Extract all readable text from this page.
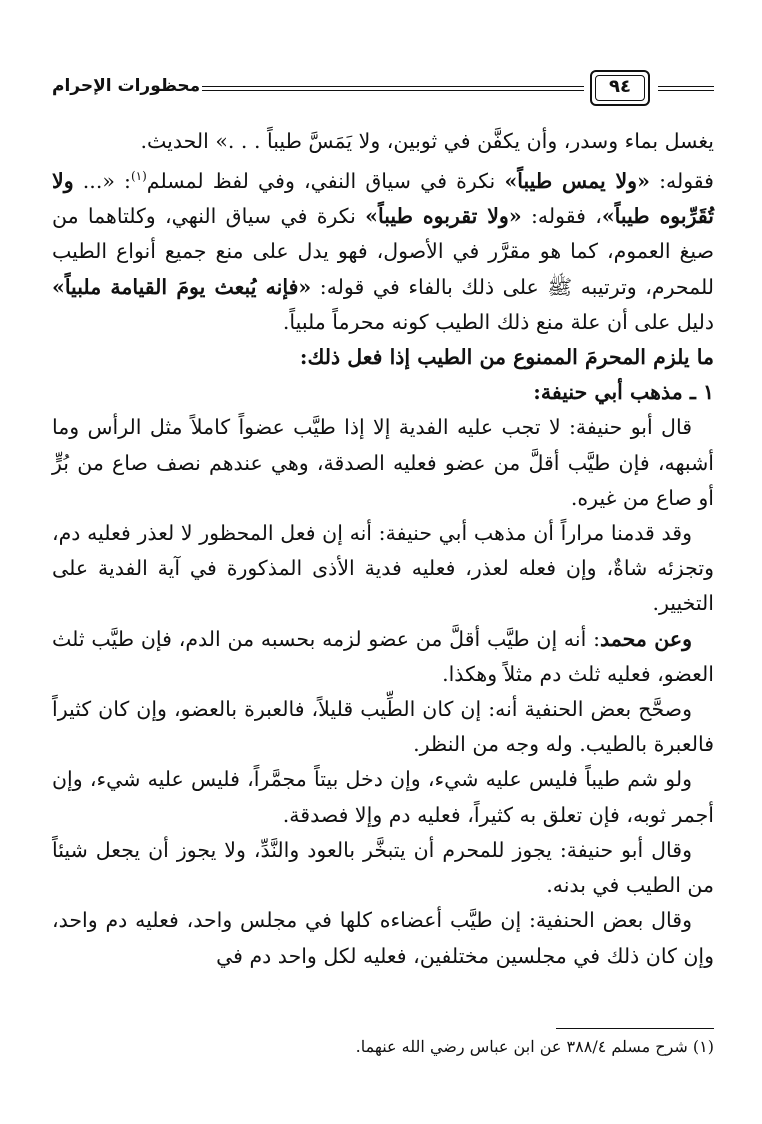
محظورات الإحرام	٩٤

يغسل بماء وسدر، وأن يكفَّن في ثوبين، ولا يَمَسَّ طيباً . . .» الحديث.

فقوله: «ولا يمس طيباً» نكرة في سياق النفي، وفي لفظ لمسلم$^{(١)}$: «... ولا تُقَرِّبوه طيباً»، فقوله: «ولا تقربوه طيباً» نكرة في سياق النهي، وكلتاهما من صيغ العموم، كما هو مقرَّر في الأصول، فهو يدل على منع جميع أنواع الطيب للمحرم، وترتيبه ﷺ على ذلك بالفاء في قوله: «فإنه يُبعث يومَ القيامة ملبياً» دليل على أن علة منع ذلك الطيب كونه محرماً ملبياً.

ما يلزم المحرمَ الممنوع من الطيب إذا فعل ذلك:

١ ـ مذهب أبي حنيفة:

قال أبو حنيفة: لا تجب عليه الفدية إلا إذا طيَّب عضواً كاملاً مثل الرأس وما أشبهه، فإن طيَّب أقلَّ من عضو فعليه الصدقة، وهي عندهم نصف صاع من بُرٍّ أو صاع من غيره.

وقد قدمنا مراراً أن مذهب أبي حنيفة: أنه إن فعل المحظور لا لعذر فعليه دم، وتجزئه شاةٌ، وإن فعله لعذر، فعليه فدية الأذى المذكورة في آية الفدية على التخيير.

وعن محمد: أنه إن طيَّب أقلَّ من عضو لزمه بحسبه من الدم، فإن طيَّب ثلث العضو، فعليه ثلث دم مثلاً وهكذا.

وصحَّح بعض الحنفية أنه: إن كان الطِّيب قليلاً، فالعبرة بالعضو، وإن كان كثيراً فالعبرة بالطيب. وله وجه من النظر.

ولو شم طيباً فليس عليه شيء، وإن دخل بيتاً مجمَّراً، فليس عليه شيء، وإن أجمر ثوبه، فإن تعلق به كثيراً، فعليه دم وإلا فصدقة.

وقال أبو حنيفة: يجوز للمحرم أن يتبخَّر بالعود والنَّدِّ، ولا يجوز أن يجعل شيئاً من الطيب في بدنه.

وقال بعض الحنفية: إن طيَّب أعضاءه كلها في مجلس واحد، فعليه دم واحد، وإن كان ذلك في مجلسين مختلفين، فعليه لكل واحد دم في

(١) شرح مسلم ٣٨٨/٤ عن ابن عباس رضي الله عنهما.
